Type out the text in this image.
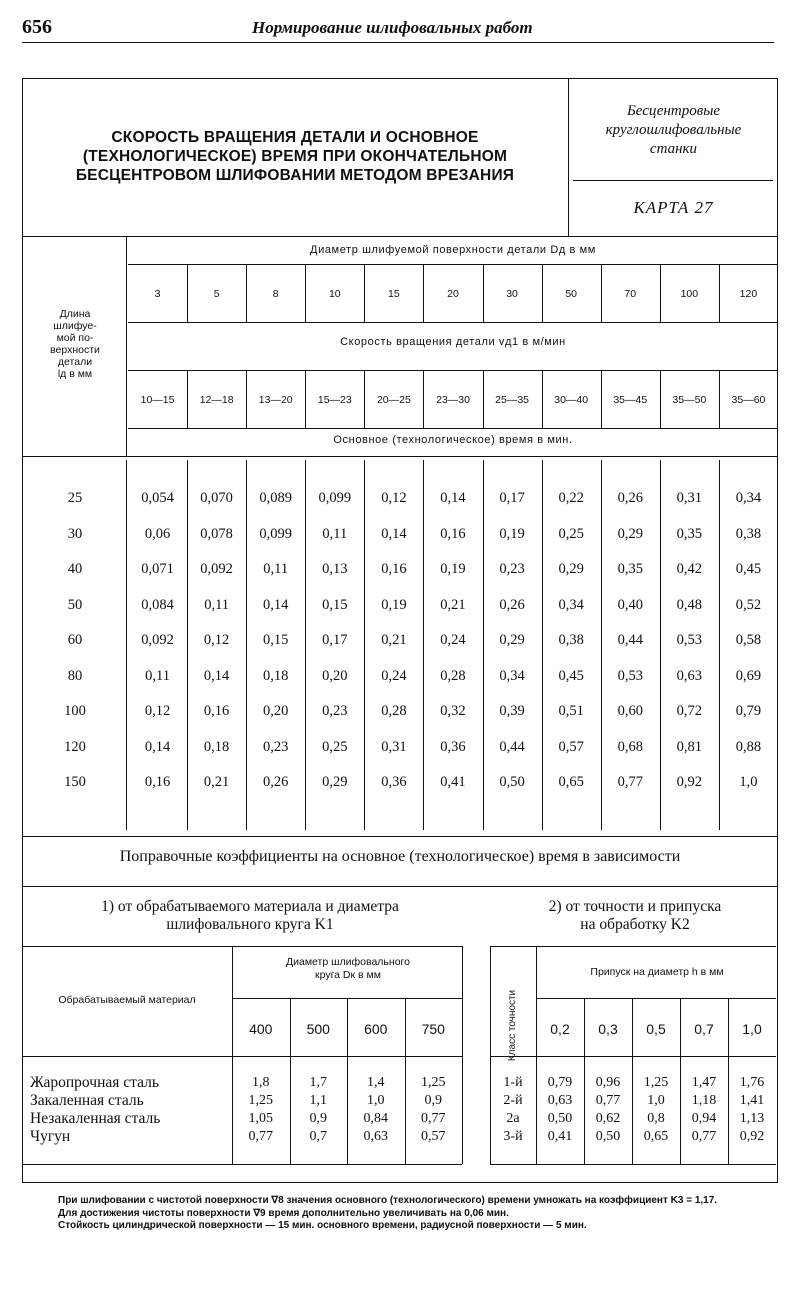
656	Нормирование шлифовальных работ
СКОРОСТЬ ВРАЩЕНИЯ ДЕТАЛИ И ОСНОВНОЕ
(ТЕХНОЛОГИЧЕСКОЕ) ВРЕМЯ ПРИ ОКОНЧАТЕЛЬНОМ
БЕСЦЕНТРОВОМ ШЛИФОВАНИИ МЕТОДОМ ВРЕЗАНИЯ
Бесцентровые
круглошлифовальные
станки
КАРТА 27
Диаметр шлифуемой поверхности детали Dд в мм
Скорость вращения детали vд1 в м/мин
Основное (технологическое) время в мин.
Длина
шлифуе-
мой по-
верхности
детали
lд в мм
3	5	8	10	15	20	30	50	70	100	120
10—15	12—18	13—20	15—23	20—25	23—30	25—35	30—40	35—45	35—50	35—60
25	0,054	0,070	0,089	0,099	0,12	0,14	0,17	0,22	0,26	0,31	0,34
30	0,06	0,078	0,099	0,11	0,14	0,16	0,19	0,25	0,29	0,35	0,38
40	0,071	0,092	0,11	0,13	0,16	0,19	0,23	0,29	0,35	0,42	0,45
50	0,084	0,11	0,14	0,15	0,19	0,21	0,26	0,34	0,40	0,48	0,52
60	0,092	0,12	0,15	0,17	0,21	0,24	0,29	0,38	0,44	0,53	0,58
80	0,11	0,14	0,18	0,20	0,24	0,28	0,34	0,45	0,53	0,63	0,69
100	0,12	0,16	0,20	0,23	0,28	0,32	0,39	0,51	0,60	0,72	0,79
120	0,14	0,18	0,23	0,25	0,31	0,36	0,44	0,57	0,68	0,81	0,88
150	0,16	0,21	0,26	0,29	0,36	0,41	0,50	0,65	0,77	0,92	1,0
Поправочные коэффициенты на основное (технологическое) время в зависимости
1) от обрабатываемого материала и диаметра
шлифовального круга K1
2) от точности и припуска
на обработку K2
Обрабатываемый материал
Диаметр шлифовального
круга Dк в мм
400	500	600	750
Жаропрочная сталь	1,8	1,7	1,4	1,25
Закаленная сталь	1,25	1,1	1,0	0,9
Незакаленная сталь	1,05	0,9	0,84	0,77
Чугун	0,77	0,7	0,63	0,57
Класс точности
Припуск на диаметр h в мм
0,2	0,3	0,5	0,7	1,0
1-й	0,79	0,96	1,25	1,47	1,76
2-й	0,63	0,77	1,0	1,18	1,41
2а	0,50	0,62	0,8	0,94	1,13
3-й	0,41	0,50	0,65	0,77	0,92

При шлифовании с чистотой поверхности ∇8 значения основного (технологического) времени умножать на коэффициент K3 = 1,17.

Для достижения чистоты поверхности ∇9 время дополнительно увеличивать на 0,06 мин.

Стойкость цилиндрической поверхности — 15 мин. основного времени, радиусной поверхности — 5 мин.
